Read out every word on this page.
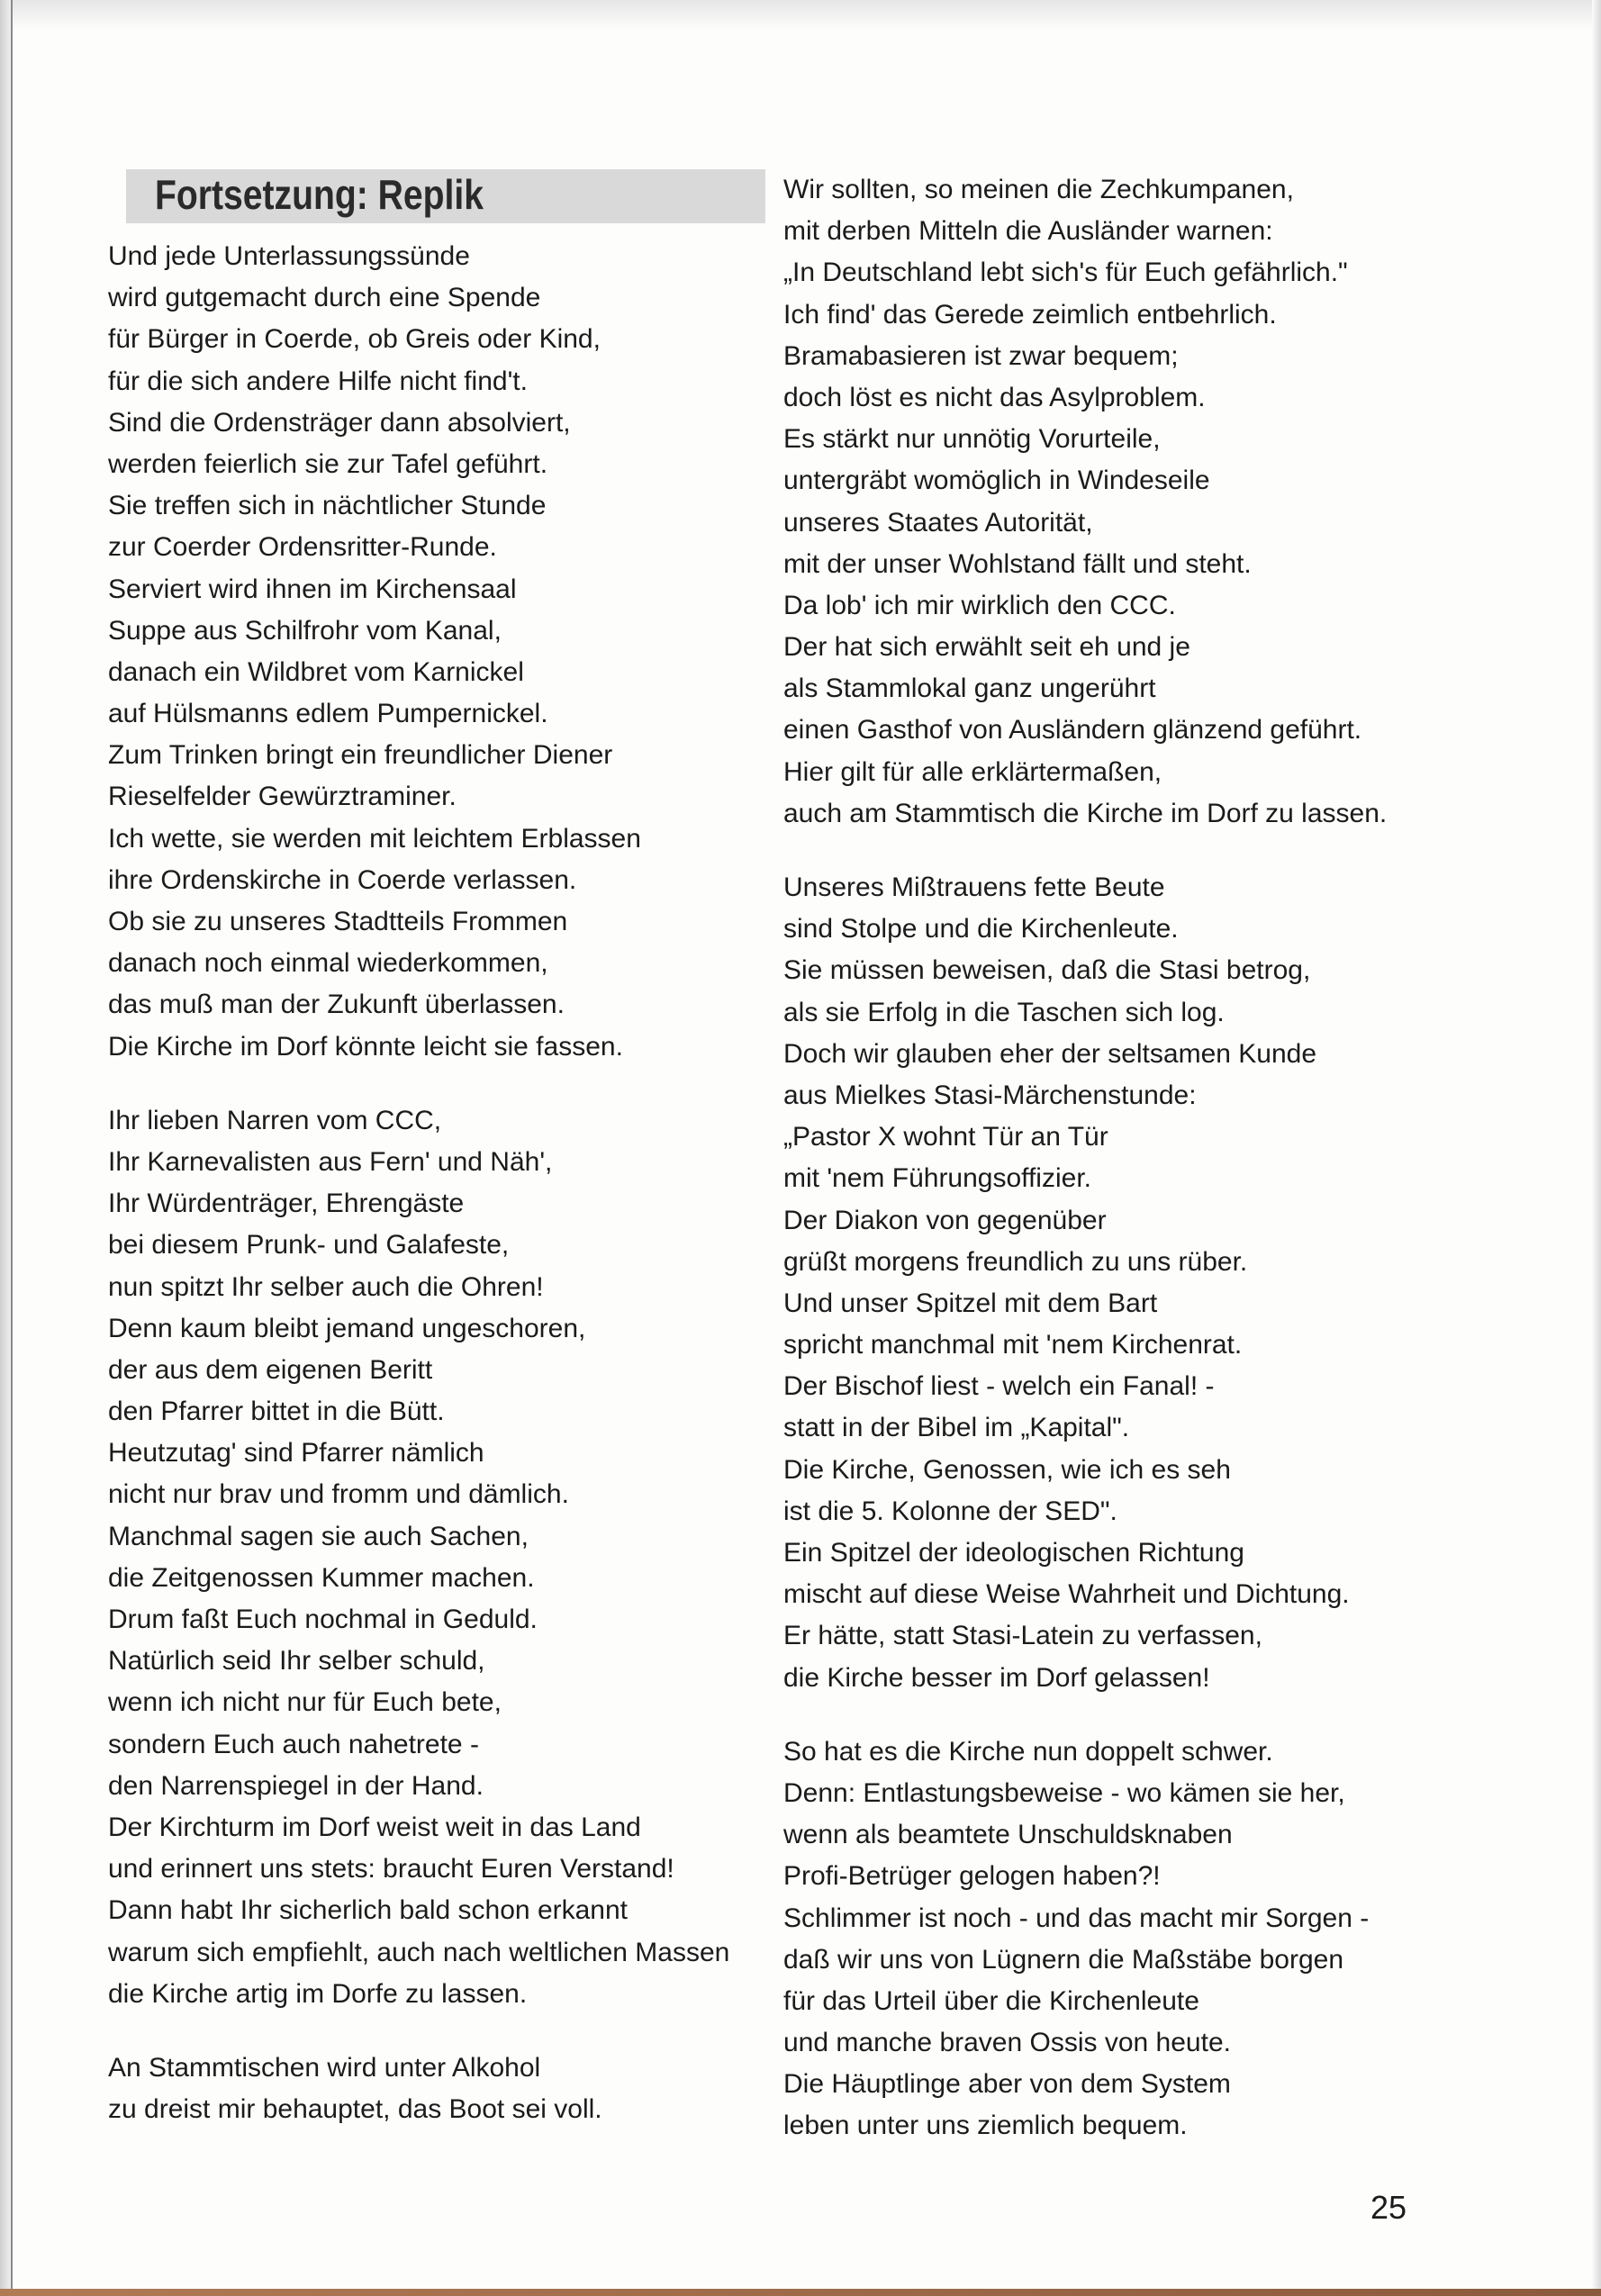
Fortsetzung: Replik
Und jede Unterlassungssünde
wird gutgemacht durch eine Spende
für Bürger in Coerde, ob Greis oder Kind,
für die sich andere Hilfe nicht find't.
Sind die Ordensträger dann absolviert,
werden feierlich sie zur Tafel geführt.
Sie treffen sich in nächtlicher Stunde
zur Coerder Ordensritter-Runde.
Serviert wird ihnen im Kirchensaal
Suppe aus Schilfrohr vom Kanal,
danach ein Wildbret vom Karnickel
auf Hülsmanns edlem Pumpernickel.
Zum Trinken bringt ein freundlicher Diener
Rieselfelder Gewürztraminer.
Ich wette, sie werden mit leichtem Erblassen
ihre Ordenskirche in Coerde verlassen.
Ob sie zu unseres Stadtteils Frommen
danach noch einmal wiederkommen,
das muß man der Zukunft überlassen.
Die Kirche im Dorf könnte leicht sie fassen.
Ihr lieben Narren vom CCC,
Ihr Karnevalisten aus Fern' und Näh',
Ihr Würdenträger, Ehrengäste
bei diesem Prunk- und Galafeste,
nun spitzt Ihr selber auch die Ohren!
Denn kaum bleibt jemand ungeschoren,
der aus dem eigenen Beritt
den Pfarrer bittet in die Bütt.
Heutzutag' sind Pfarrer nämlich
nicht nur brav und fromm und dämlich.
Manchmal sagen sie auch Sachen,
die Zeitgenossen Kummer machen.
Drum faßt Euch nochmal in Geduld.
Natürlich seid Ihr selber schuld,
wenn ich nicht nur für Euch bete,
sondern Euch auch nahetrete -
den Narrenspiegel in der Hand.
Der Kirchturm im Dorf weist weit in das Land
und erinnert uns stets: braucht Euren Verstand!
Dann habt Ihr sicherlich bald schon erkannt
warum sich empfiehlt, auch nach weltlichen Massen
die Kirche artig im Dorfe zu lassen.
An Stammtischen wird unter Alkohol
zu dreist mir behauptet, das Boot sei voll.
Wir sollten, so meinen die Zechkumpanen,
mit derben Mitteln die Ausländer warnen:
„In Deutschland lebt sich's für Euch gefährlich."
Ich find' das Gerede zeimlich entbehrlich.
Bramabasieren ist zwar bequem;
doch löst es nicht das Asylproblem.
Es stärkt nur unnötig Vorurteile,
untergräbt womöglich in Windeseile
unseres Staates Autorität,
mit der unser Wohlstand fällt und steht.
Da lob' ich mir wirklich den CCC.
Der hat sich erwählt seit eh und je
als Stammlokal ganz ungerührt
einen Gasthof von Ausländern glänzend geführt.
Hier gilt für alle erklärtermaßen,
auch am Stammtisch die Kirche im Dorf zu lassen.
Unseres Mißtrauens fette Beute
sind Stolpe und die Kirchenleute.
Sie müssen beweisen, daß die Stasi betrog,
als sie Erfolg in die Taschen sich log.
Doch wir glauben eher der seltsamen Kunde
aus Mielkes Stasi-Märchenstunde:
„Pastor X wohnt Tür an Tür
mit 'nem Führungsoffizier.
Der Diakon von gegenüber
grüßt morgens freundlich zu uns rüber.
Und unser Spitzel mit dem Bart
spricht manchmal mit 'nem Kirchenrat.
Der Bischof liest - welch ein Fanal! -
statt in der Bibel im „Kapital".
Die Kirche, Genossen, wie ich es seh
ist die 5. Kolonne der SED".
Ein Spitzel der ideologischen Richtung
mischt auf diese Weise Wahrheit und Dichtung.
Er hätte, statt Stasi-Latein zu verfassen,
die Kirche besser im Dorf gelassen!
So hat es die Kirche nun doppelt schwer.
Denn: Entlastungsbeweise - wo kämen sie her,
wenn als beamtete Unschuldsknaben
Profi-Betrüger gelogen haben?!
Schlimmer ist noch - und das macht mir Sorgen -
daß wir uns von Lügnern die Maßstäbe borgen
für das Urteil über die Kirchenleute
und manche braven Ossis von heute.
Die Häuptlinge aber von dem System
leben unter uns ziemlich bequem.
25
